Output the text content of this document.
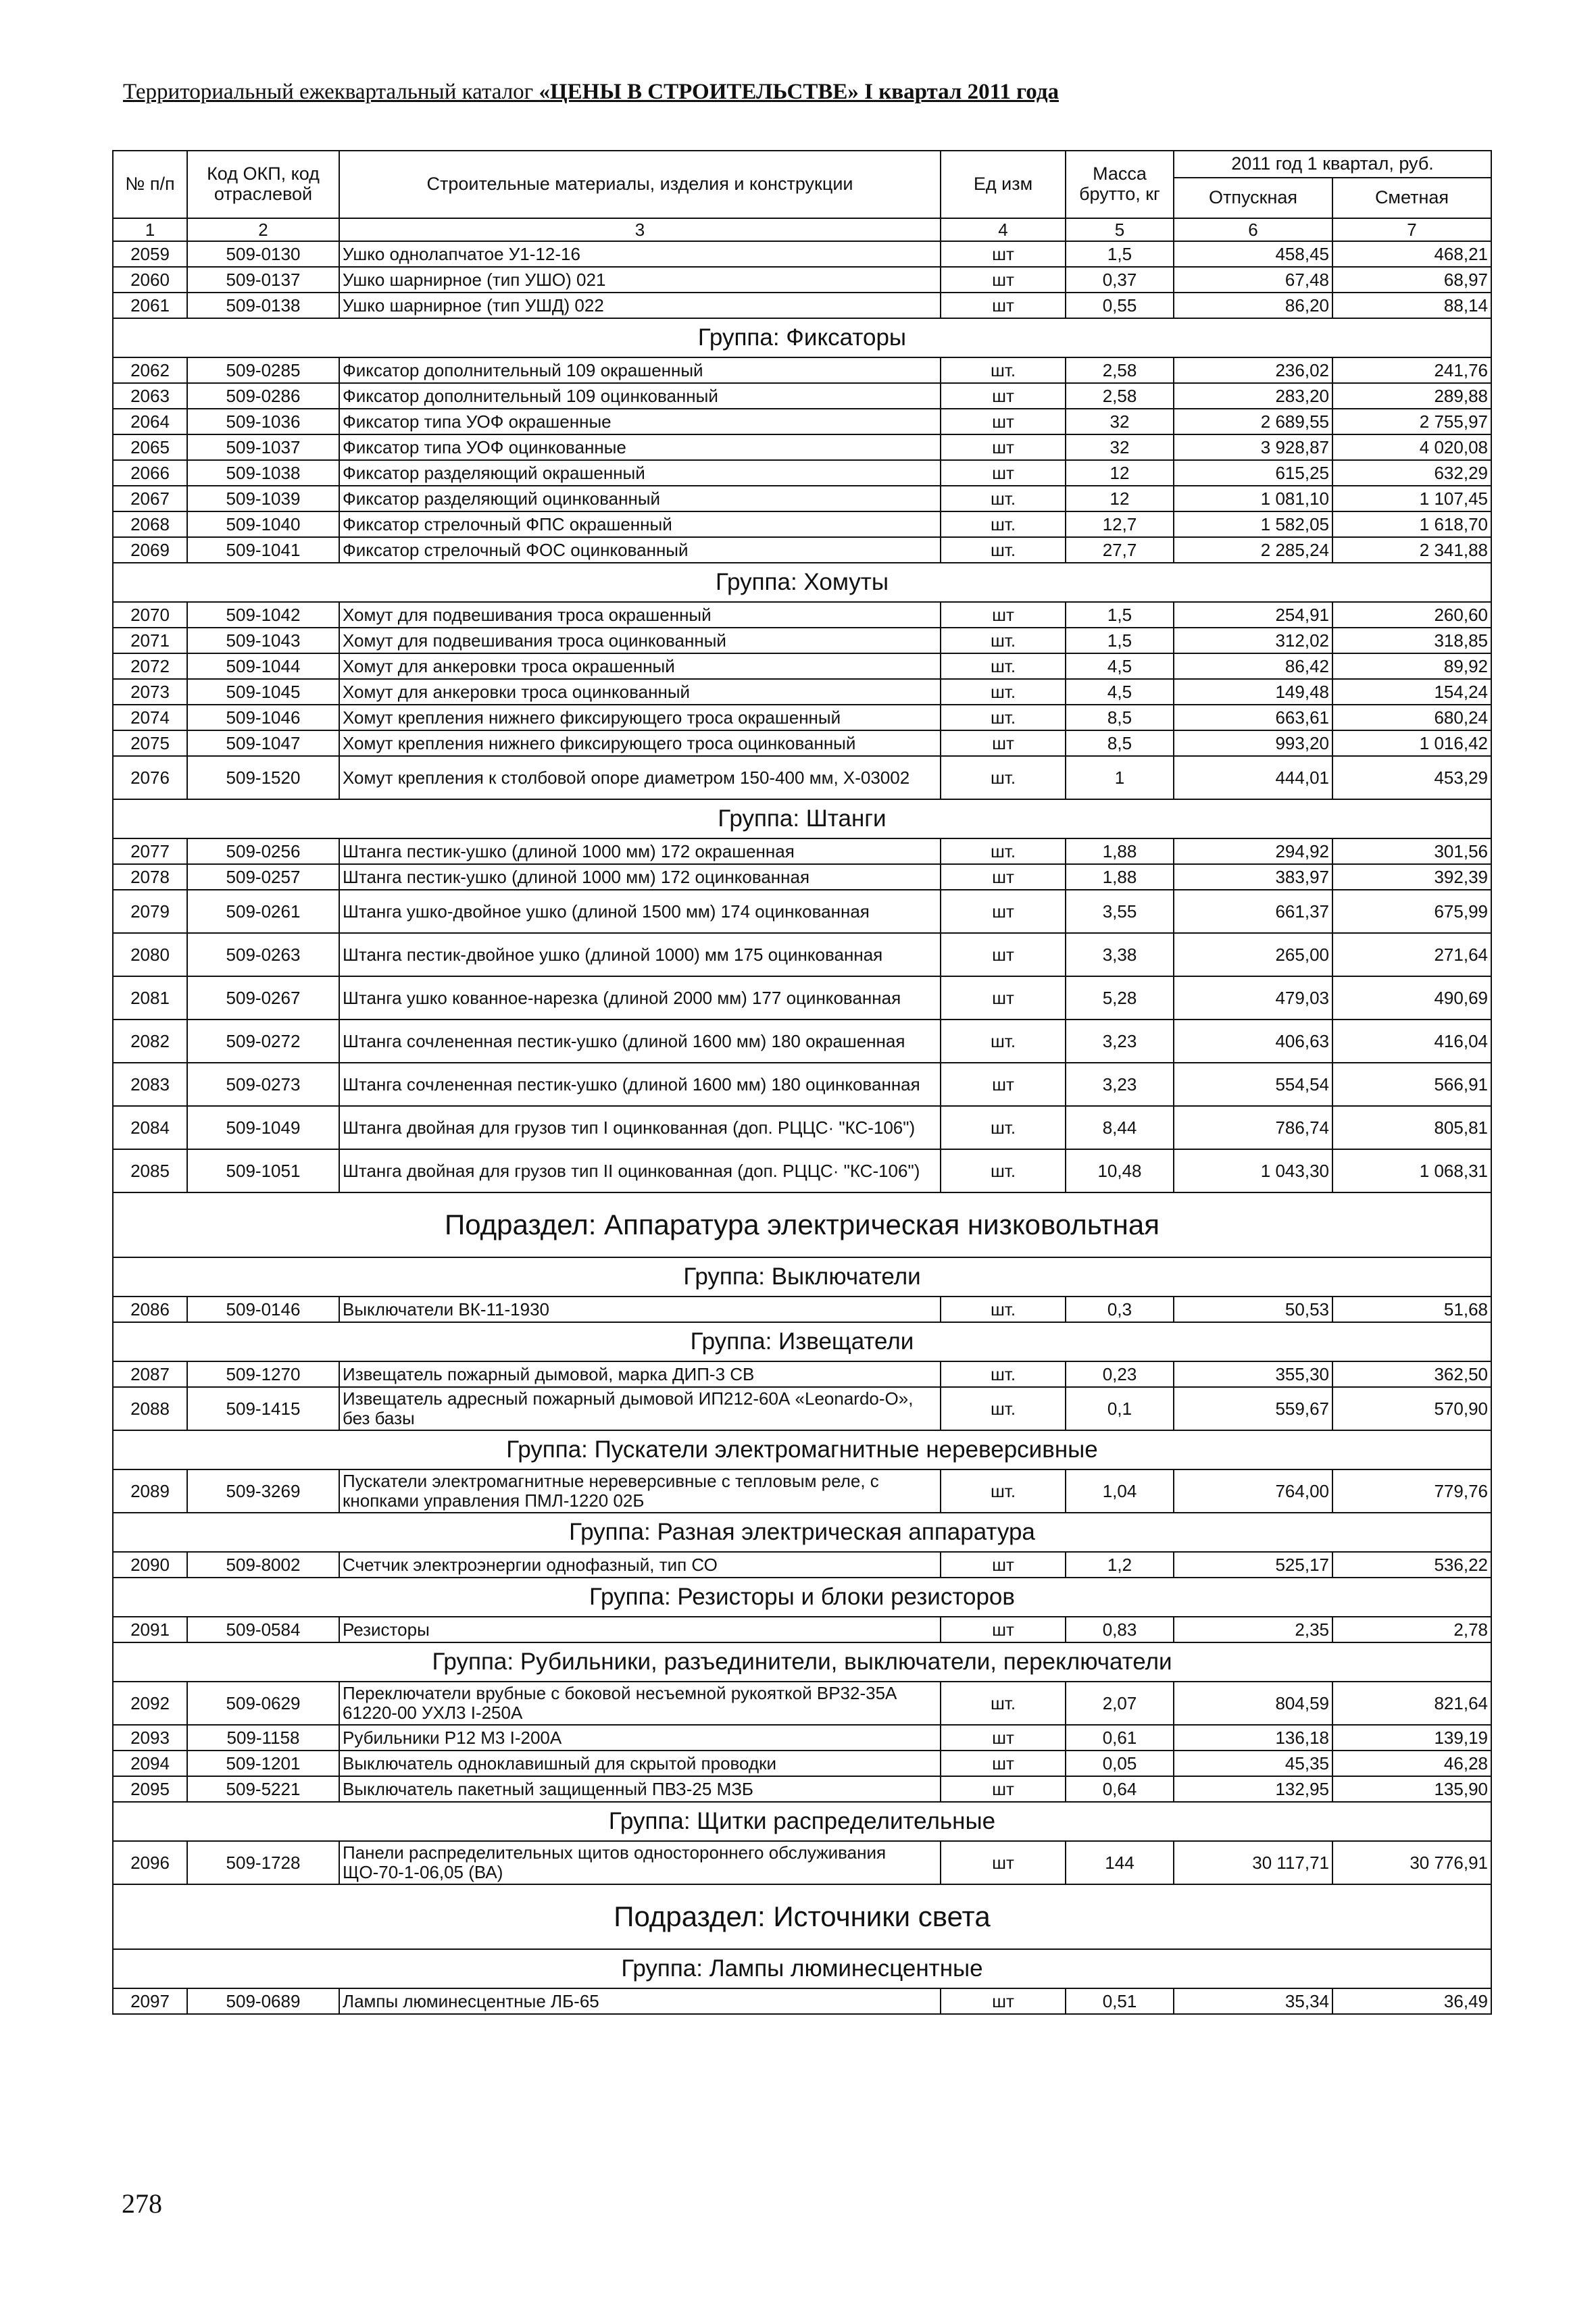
Территориальный ежеквартальный каталог «ЦЕНЫ В СТРОИТЕЛЬСТВЕ» I квартал 2011 года
№ п/п	Код ОКП, код отраслевой	Строительные материалы, изделия и конструкции	Ед изм	Масса брутто, кг	2011 год 1 квартал, руб.	
					Отпускная	Сметная
1	2	3	4	5	6	7
2059	509-0130	Ушко однолапчатое У1-12-16	шт	1,5	458,45	468,21
2060	509-0137	Ушко шарнирное (тип УШО) 021	шт	0,37	67,48	68,97
2061	509-0138	Ушко шарнирное (тип УШД) 022	шт	0,55	86,20	88,14
Группа: Фиксаторы						
2062	509-0285	Фиксатор дополнительный 109 окрашенный	шт.	2,58	236,02	241,76
2063	509-0286	Фиксатор дополнительный 109 оцинкованный	шт	2,58	283,20	289,88
2064	509-1036	Фиксатор типа УОФ окрашенные	шт	32	2 689,55	2 755,97
2065	509-1037	Фиксатор типа УОФ оцинкованные	шт	32	3 928,87	4 020,08
2066	509-1038	Фиксатор разделяющий окрашенный	шт	12	615,25	632,29
2067	509-1039	Фиксатор разделяющий оцинкованный	шт.	12	1 081,10	1 107,45
2068	509-1040	Фиксатор стрелочный ФПС окрашенный	шт.	12,7	1 582,05	1 618,70
2069	509-1041	Фиксатор стрелочный ФОС оцинкованный	шт.	27,7	2 285,24	2 341,88
Группа: Хомуты						
2070	509-1042	Хомут для подвешивания троса окрашенный	шт	1,5	254,91	260,60
2071	509-1043	Хомут для подвешивания троса оцинкованный	шт.	1,5	312,02	318,85
2072	509-1044	Хомут для анкеровки троса окрашенный	шт.	4,5	86,42	89,92
2073	509-1045	Хомут для анкеровки троса оцинкованный	шт.	4,5	149,48	154,24
2074	509-1046	Хомут крепления нижнего фиксирующего троса окрашенный	шт.	8,5	663,61	680,24
2075	509-1047	Хомут крепления нижнего фиксирующего троса оцинкованный	шт	8,5	993,20	1 016,42
2076	509-1520	Хомут крепления к столбовой опоре диаметром 150-400 мм, Х-03002	шт.	1	444,01	453,29
Группа: Штанги						
2077	509-0256	Штанга пестик-ушко (длиной 1000 мм) 172 окрашенная	шт.	1,88	294,92	301,56
2078	509-0257	Штанга пестик-ушко (длиной 1000 мм) 172 оцинкованная	шт	1,88	383,97	392,39
2079	509-0261	Штанга ушко-двойное ушко (длиной 1500 мм) 174 оцинкованная	шт	3,55	661,37	675,99
2080	509-0263	Штанга пестик-двойное ушко (длиной 1000) мм 175 оцинкованная	шт	3,38	265,00	271,64
2081	509-0267	Штанга ушко кованное-нарезка (длиной 2000 мм) 177 оцинкованная	шт	5,28	479,03	490,69
2082	509-0272	Штанга сочлененная пестик-ушко (длиной 1600 мм) 180 окрашенная	шт.	3,23	406,63	416,04
2083	509-0273	Штанга сочлененная пестик-ушко (длиной 1600 мм) 180 оцинкованная	шт	3,23	554,54	566,91
2084	509-1049	Штанга двойная для грузов тип I оцинкованная (доп. РЦЦС· "КС-106")	шт.	8,44	786,74	805,81
2085	509-1051	Штанга двойная для грузов тип II оцинкованная (доп. РЦЦС· "КС-106")	шт.	10,48	1 043,30	1 068,31
Подраздел: Аппаратура электрическая низковольтная						
Группа: Выключатели						
2086	509-0146	Выключатели ВК-11-1930	шт.	0,3	50,53	51,68
Группа: Извещатели						
2087	509-1270	Извещатель пожарный дымовой, марка ДИП-3 СВ	шт.	0,23	355,30	362,50
2088	509-1415	Извещатель адресный пожарный дымовой ИП212-60А «Leonardo-O», без базы	шт.	0,1	559,67	570,90
Группа: Пускатели электромагнитные нереверсивные						
2089	509-3269	Пускатели электромагнитные нереверсивные с тепловым реле, с кнопками управления ПМЛ-1220 02Б	шт.	1,04	764,00	779,76
Группа: Разная электрическая аппаратура						
2090	509-8002	Счетчик электроэнергии однофазный, тип СО	шт	1,2	525,17	536,22
Группа: Резисторы и блоки резисторов						
2091	509-0584	Резисторы	шт	0,83	2,35	2,78
Группа: Рубильники, разъединители, выключатели, переключатели						
2092	509-0629	Переключатели врубные с боковой несъемной рукояткой ВР32-35А 61220-00 УХЛ3 I-250А	шт.	2,07	804,59	821,64
2093	509-1158	Рубильники Р12 М3 I-200А	шт	0,61	136,18	139,19
2094	509-1201	Выключатель одноклавишный для скрытой проводки	шт	0,05	45,35	46,28
2095	509-5221	Выключатель пакетный защищенный ПВЗ-25 МЗБ	шт	0,64	132,95	135,90
Группа: Щитки распределительные						
2096	509-1728	Панели распределительных щитов одностороннего обслуживания ЩО-70-1-06,05 (ВА)	шт	144	30 117,71	30 776,91
Подраздел: Источники света						
Группа: Лампы люминесцентные						
2097	509-0689	Лампы люминесцентные ЛБ-65	шт	0,51	35,34	36,49
278
